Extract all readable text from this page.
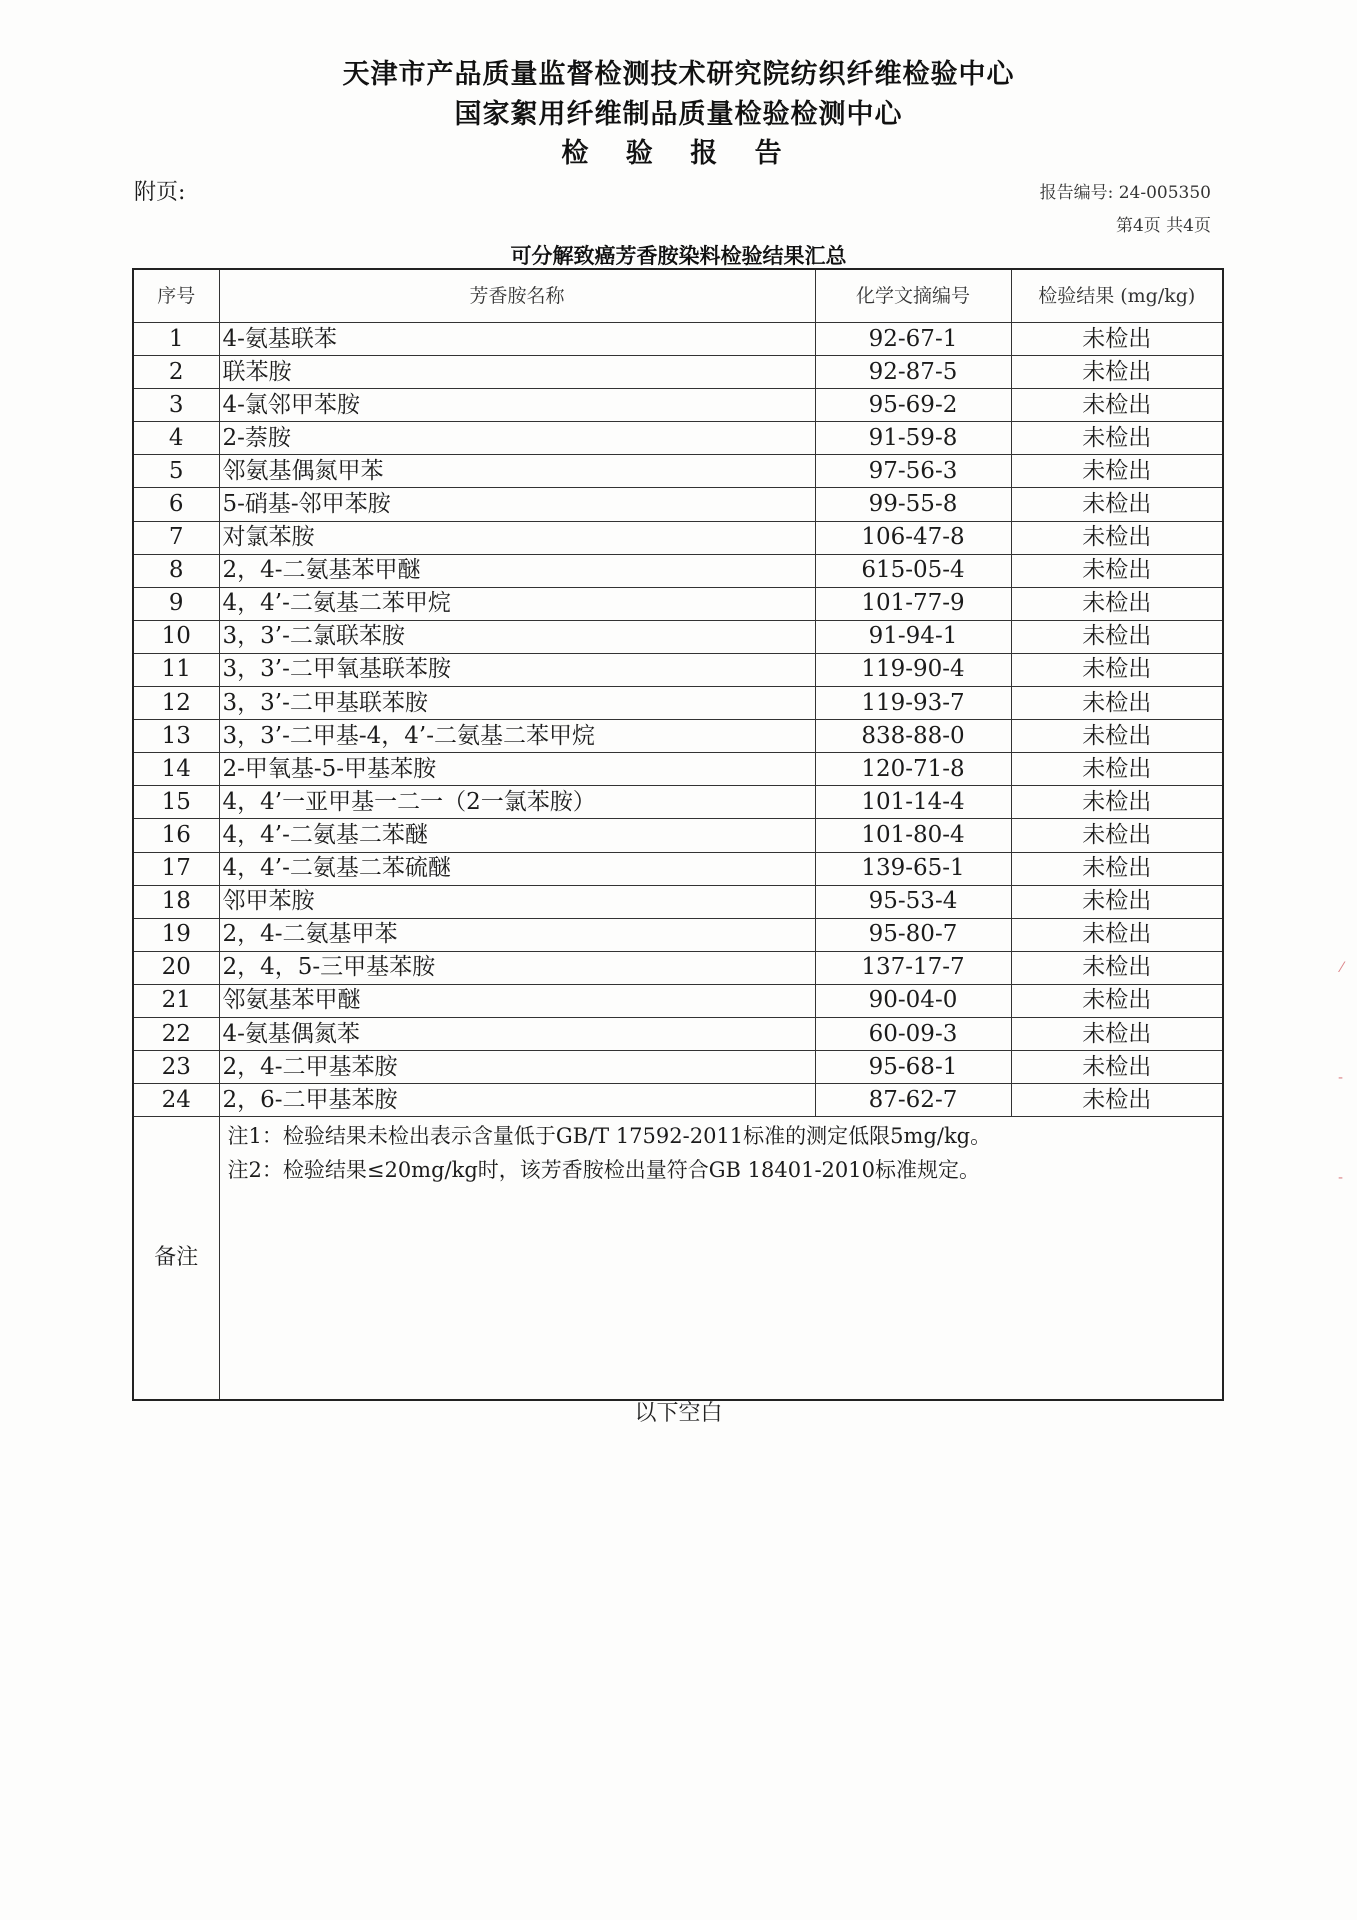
天津市产品质量监督检测技术研究院纺织纤维检验中心
国家絮用纤维制品质量检验检测中心
检 验 报 告
附页:	报告编号: 24-005350
第4页 共4页
可分解致癌芳香胺染料检验结果汇总
序号	芳香胺名称	化学文摘编号	检验结果 (mg/kg)
1	4-氨基联苯	92-67-1	未检出
2	联苯胺	92-87-5	未检出
3	4-氯邻甲苯胺	95-69-2	未检出
4	2-萘胺	91-59-8	未检出
5	邻氨基偶氮甲苯	97-56-3	未检出
6	5-硝基-邻甲苯胺	99-55-8	未检出
7	对氯苯胺	106-47-8	未检出
8	2，4-二氨基苯甲醚	615-05-4	未检出
9	4，4’-二氨基二苯甲烷	101-77-9	未检出
10	3，3’-二氯联苯胺	91-94-1	未检出
11	3，3’-二甲氧基联苯胺	119-90-4	未检出
12	3，3’-二甲基联苯胺	119-93-7	未检出
13	3，3’-二甲基-4，4’-二氨基二苯甲烷	838-88-0	未检出
14	2-甲氧基-5-甲基苯胺	120-71-8	未检出
15	4，4’一亚甲基一二一（2一氯苯胺）	101-14-4	未检出
16	4，4’-二氨基二苯醚	101-80-4	未检出
17	4，4’-二氨基二苯硫醚	139-65-1	未检出
18	邻甲苯胺	95-53-4	未检出
19	2，4-二氨基甲苯	95-80-7	未检出
20	2，4，5-三甲基苯胺	137-17-7	未检出
21	邻氨基苯甲醚	90-04-0	未检出
22	4-氨基偶氮苯	60-09-3	未检出
23	2，4-二甲基苯胺	95-68-1	未检出
24	2，6-二甲基苯胺	87-62-7	未检出
备注	注1：检验结果未检出表示含量低于GB/T 17592-2011标准的测定低限5mg/kg。
注2：检验结果≤20mg/kg时，该芳香胺检出量符合GB 18401-2010标准规定。		
以下空白
⁄
‐
‑
